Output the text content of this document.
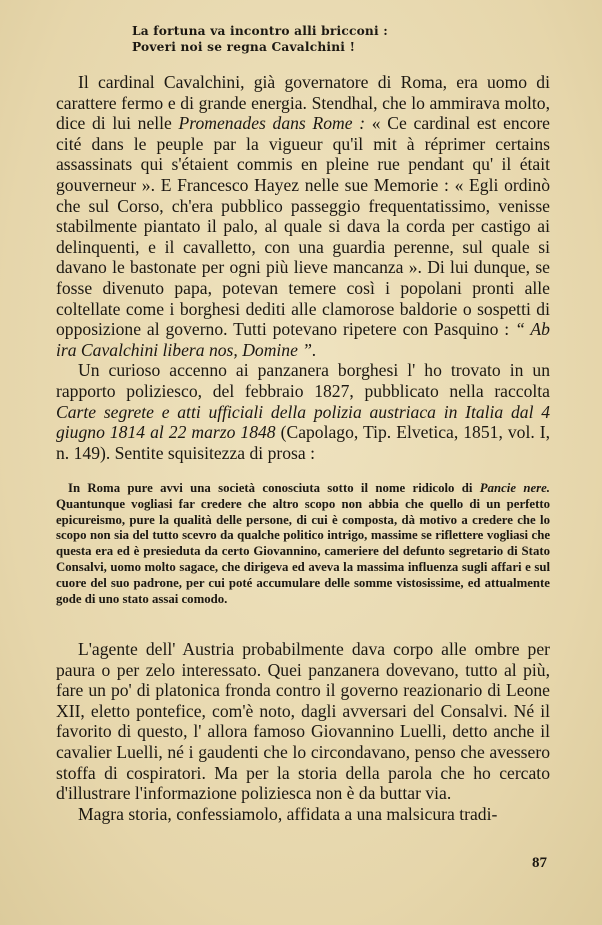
La fortuna va incontro alli bricconi :
Poveri noi se regna Cavalchini !

Il cardinal Cavalchini, già governatore di Roma, era uomo di carattere fermo e di grande energia. Stendhal, che lo ammirava molto, dice di lui nelle Promenades dans Rome : « Ce cardinal est encore cité dans le peuple par la vigueur qu'il mit à réprimer certains assassinats qui s'étaient commis en pleine rue pendant qu' il était gouverneur ». E Francesco Hayez nelle sue Memorie : « Egli ordinò che sul Corso, ch'era pubblico passeggio frequentatissimo, venisse stabilmente piantato il palo, al quale si dava la corda per castigo ai delinquenti, e il cavalletto, con una guardia perenne, sul quale si davano le bastonate per ogni più lieve mancanza ». Di lui dunque, se fosse divenuto papa, potevan temere così i popolani pronti alle coltellate come i borghesi dediti alle clamorose baldorie o sospetti di opposizione al governo. Tutti potevano ripetere con Pasquino : “ Ab ira Cavalchini libera nos, Domine ”.

Un curioso accenno ai panzanera borghesi l' ho trovato in un rapporto poliziesco, del febbraio 1827, pubblicato nella raccolta Carte segrete e atti ufficiali della polizia austriaca in Italia dal 4 giugno 1814 al 22 marzo 1848 (Capolago, Tip. Elvetica, 1851, vol. I, n. 149). Sentite squisitezza di prosa :

In Roma pure avvi una società conosciuta sotto il nome ridicolo di Pancie nere. Quantunque vogliasi far credere che altro scopo non abbia che quello di un perfetto epicureismo, pure la qualità delle persone, di cui è composta, dà motivo a credere che lo scopo non sia del tutto scevro da qualche politico intrigo, massime se riflettere vogliasi che questa era ed è presieduta da certo Giovannino, cameriere del defunto segretario di Stato Consalvi, uomo molto sagace, che dirigeva ed aveva la massima influenza sugli affari e sul cuore del suo padrone, per cui poté accumulare delle somme vistosissime, ed attualmente gode di uno stato assai comodo.

L'agente dell' Austria probabilmente dava corpo alle ombre per paura o per zelo interessato. Quei panzanera dovevano, tutto al più, fare un po' di platonica fronda contro il governo reazionario di Leone XII, eletto pontefice, com'è noto, dagli avversari del Consalvi. Né il favorito di questo, l' allora famoso Giovannino Luelli, detto anche il cavalier Luelli, né i gaudenti che lo circondavano, penso che avessero stoffa di cospiratori. Ma per la storia della parola che ho cercato d'illustrare l'informazione poliziesca non è da buttar via.

Magra storia, confessiamolo, affidata a una malsicura tradi-

87
